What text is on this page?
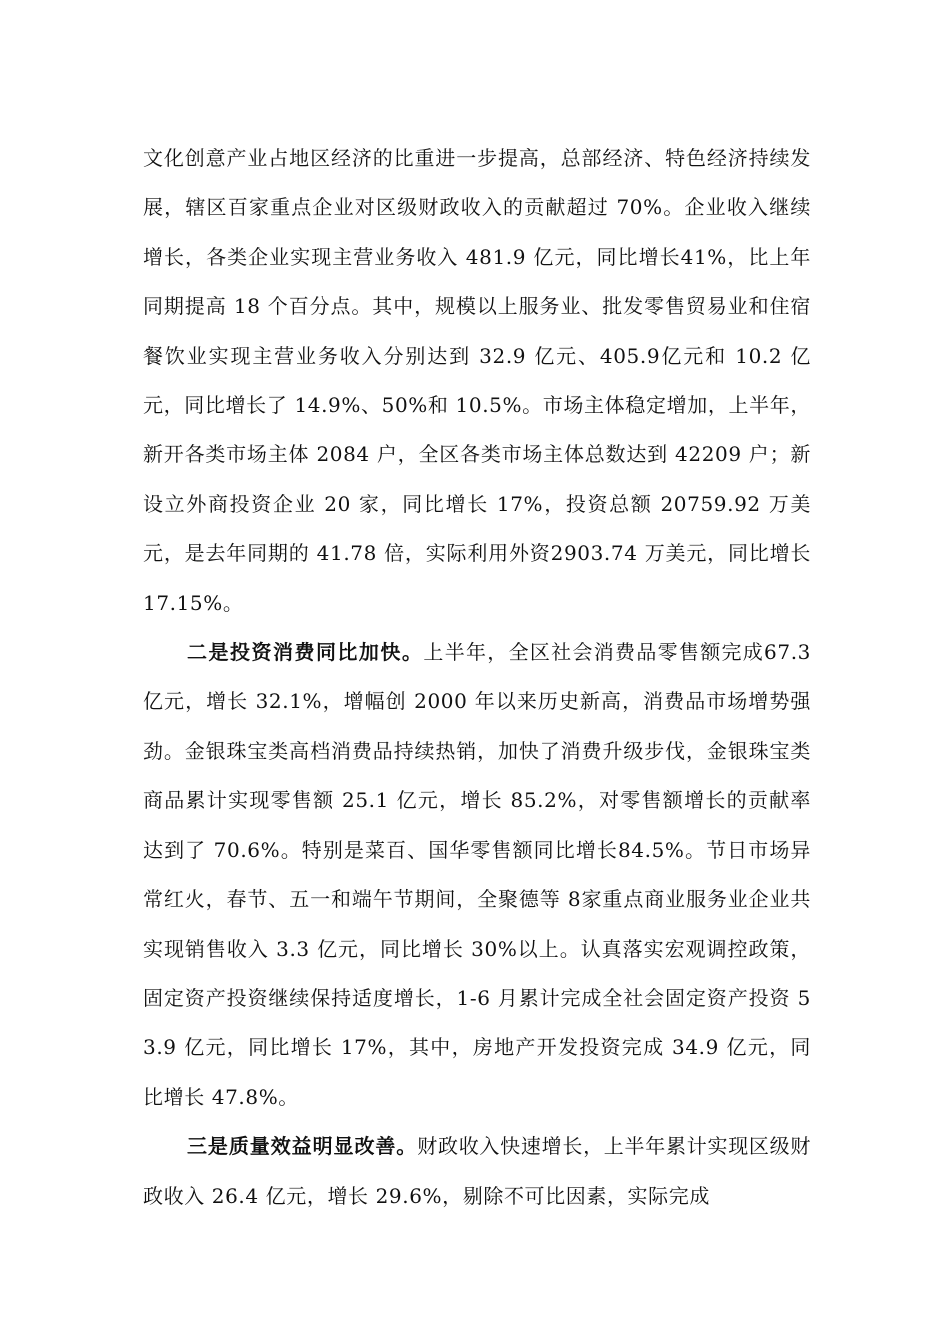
文化创意产业占地区经济的比重进一步提高，总部经济、特色经济持续发展，辖区百家重点企业对区级财政收入的贡献超过 70%。企业收入继续增长，各类企业实现主营业务收入 481.9 亿元，同比增长41%，比上年同期提高 18 个百分点。其中，规模以上服务业、批发零售贸易业和住宿餐饮业实现主营业务收入分别达到 32.9 亿元、405.9亿元和 10.2 亿元，同比增长了 14.9%、50%和 10.5%。市场主体稳定增加，上半年，新开各类市场主体 2084 户，全区各类市场主体总数达到 42209 户；新设立外商投资企业 20 家，同比增长 17%，投资总额 20759.92 万美元，是去年同期的 41.78 倍，实际利用外资2903.74 万美元，同比增长 17.15%。

二是投资消费同比加快。上半年，全区社会消费品零售额完成67.3 亿元，增长 32.1%，增幅创 2000 年以来历史新高，消费品市场增势强劲。金银珠宝类高档消费品持续热销，加快了消费升级步伐，金银珠宝类商品累计实现零售额 25.1 亿元，增长 85.2%，对零售额增长的贡献率达到了 70.6%。特别是菜百、国华零售额同比增长84.5%。节日市场异常红火，春节、五一和端午节期间，全聚德等 8家重点商业服务业企业共实现销售收入 3.3 亿元，同比增长 30%以上。认真落实宏观调控政策，固定资产投资继续保持适度增长，1-6 月累计完成全社会固定资产投资 53.9 亿元，同比增长 17%，其中，房地产开发投资完成 34.9 亿元，同比增长 47.8%。

三是质量效益明显改善。财政收入快速增长，上半年累计实现区级财政收入 26.4 亿元，增长 29.6%，剔除不可比因素，实际完成
